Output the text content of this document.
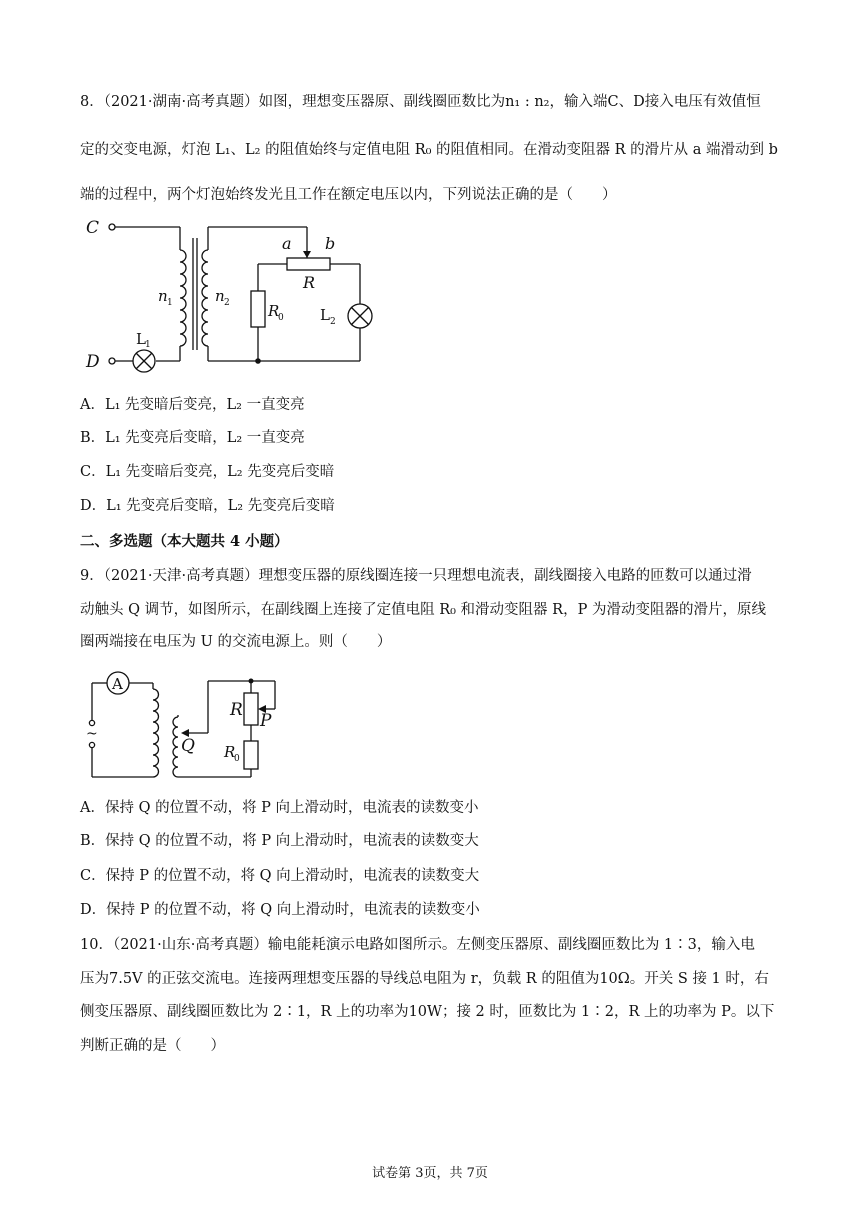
8．（2021·湖南·高考真题）如图，理想变压器原、副线圈匝数比为n₁ : n₂，输入端C、D接入电压有效值恒
定的交变电源，灯泡 L₁、L₂ 的阻值始终与定值电阻 R₀ 的阻值相同。在滑动变阻器 R 的滑片从 a 端滑动到 b
端的过程中，两个灯泡始终发光且工作在额定电压以内，下列说法正确的是（　　）
C
D
n 1	n 2
L 1
L 2
a b
R
R
0
A．L₁ 先变暗后变亮，L₂ 一直变亮
B．L₁ 先变亮后变暗，L₂ 一直变亮
C．L₁ 先变暗后变亮，L₂ 先变亮后变暗
D．L₁ 先变亮后变暗，L₂ 先变亮后变暗
二、多选题（本大题共 4 小题）
9．（2021·天津·高考真题）理想变压器的原线圈连接一只理想电流表，副线圈接入电路的匝数可以通过滑
动触头 Q 调节，如图所示，在副线圈上连接了定值电阻 R₀ 和滑动变阻器 R，P 为滑动变阻器的滑片，原线
圈两端接在电压为 U 的交流电源上。则（　　）
A
~
Q
R
P
R
0
A．保持 Q 的位置不动，将 P 向上滑动时，电流表的读数变小
B．保持 Q 的位置不动，将 P 向上滑动时，电流表的读数变大
C．保持 P 的位置不动，将 Q 向上滑动时，电流表的读数变大
D．保持 P 的位置不动，将 Q 向上滑动时，电流表的读数变小
10．（2021·山东·高考真题）输电能耗演示电路如图所示。左侧变压器原、副线圈匝数比为 1∶3，输入电
压为7.5V 的正弦交流电。连接两理想变压器的导线总电阻为 r，负载 R 的阻值为10Ω。开关 S 接 1 时，右
侧变压器原、副线圈匝数比为 2∶1，R 上的功率为10W；接 2 时，匝数比为 1∶2，R 上的功率为 P。以下
判断正确的是（　　）
试卷第 3页，共 7页
